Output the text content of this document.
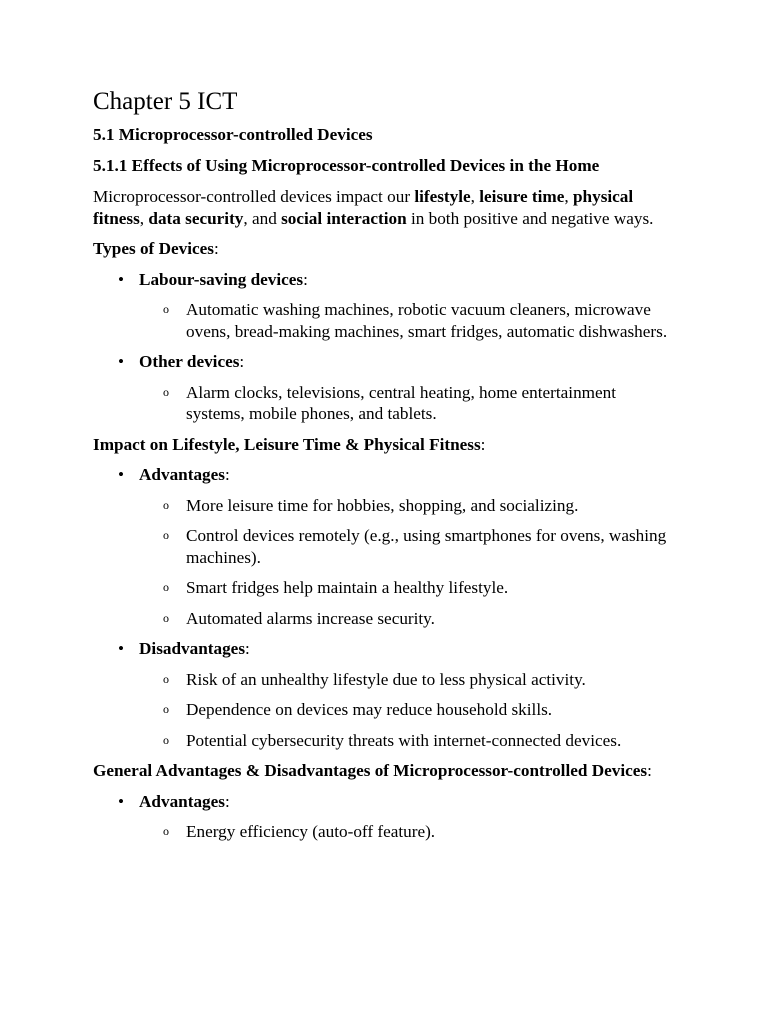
Chapter 5 ICT
5.1 Microprocessor-controlled Devices
5.1.1 Effects of Using Microprocessor-controlled Devices in the Home

Microprocessor-controlled devices impact our lifestyle, leisure time, physical fitness, data security, and social interaction in both positive and negative ways.

Types of Devices:
• Labour-saving devices:
o Automatic washing machines, robotic vacuum cleaners, microwave ovens, bread-making machines, smart fridges, automatic dishwashers.
• Other devices:
o Alarm clocks, televisions, central heating, home entertainment systems, mobile phones, and tablets.
Impact on Lifestyle, Leisure Time & Physical Fitness:
• Advantages:
o More leisure time for hobbies, shopping, and socializing.
o Control devices remotely (e.g., using smartphones for ovens, washing machines).
o Smart fridges help maintain a healthy lifestyle.
o Automated alarms increase security.
• Disadvantages:
o Risk of an unhealthy lifestyle due to less physical activity.
o Dependence on devices may reduce household skills.
o Potential cybersecurity threats with internet-connected devices.
General Advantages & Disadvantages of Microprocessor-controlled Devices:
• Advantages:
o Energy efficiency (auto-off feature).
